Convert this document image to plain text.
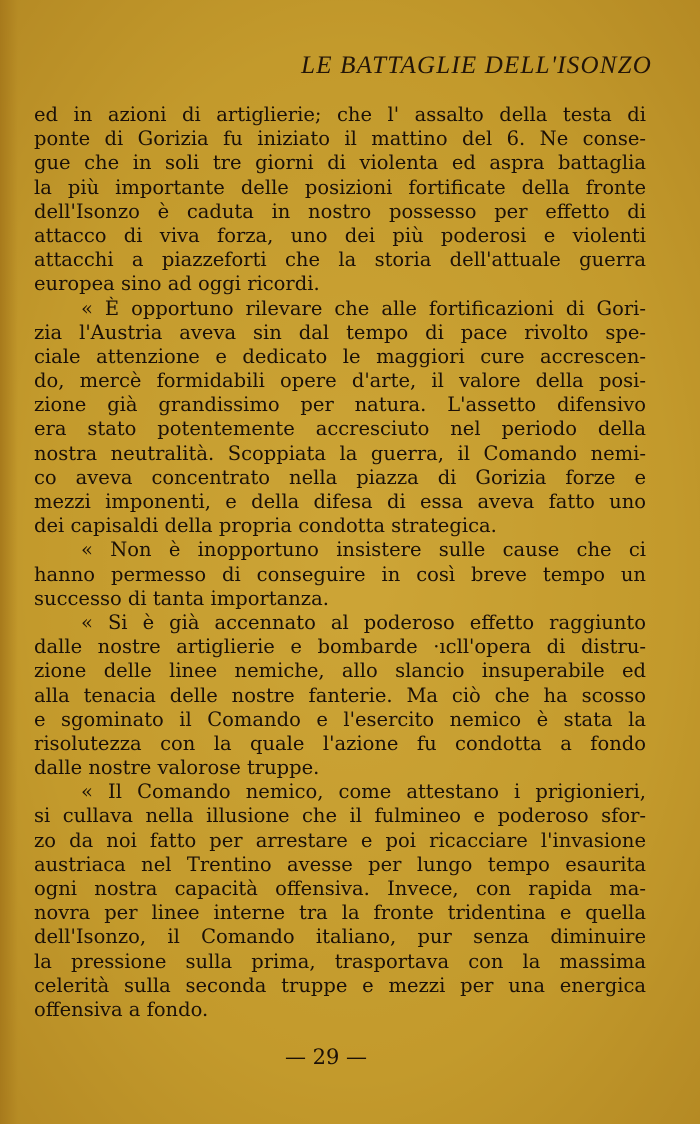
LE BATTAGLIE DELL'ISONZO
ed in azioni di artiglierie; che l' assalto della testa di
ponte di Gorizia fu iniziato il mattino del 6. Ne conse-
gue che in soli tre giorni di violenta ed aspra battaglia
la più importante delle posizioni fortificate della fronte
dell'Isonzo è caduta in nostro possesso per effetto di
attacco di viva forza, uno dei più poderosi e violenti
attacchi a piazzeforti che la storia dell'attuale guerra
europea sino ad oggi ricordi.
« È opportuno rilevare che alle fortificazioni di Gori-
zia l'Austria aveva sin dal tempo di pace rivolto spe-
ciale attenzione e dedicato le maggiori cure accrescen-
do, mercè formidabili opere d'arte, il valore della posi-
zione già grandissimo per natura. L'assetto difensivo
era stato potentemente accresciuto nel periodo della
nostra neutralità. Scoppiata la guerra, il Comando nemi-
co aveva concentrato nella piazza di Gorizia forze e
mezzi imponenti, e della difesa di essa aveva fatto uno
dei capisaldi della propria condotta strategica.
« Non è inopportuno insistere sulle cause che ci
hanno permesso di conseguire in così breve tempo un
successo di tanta importanza.
« Si è già accennato al poderoso effetto raggiunto
dalle nostre artiglierie e bombarde ·ıcll'opera di distru-
zione delle linee nemiche, allo slancio insuperabile ed
alla tenacia delle nostre fanterie. Ma ciò che ha scosso
e sgominato il Comando e l'esercito nemico è stata la
risolutezza con la quale l'azione fu condotta a fondo
dalle nostre valorose truppe.
« Il Comando nemico, come attestano i prigionieri,
si cullava nella illusione che il fulmineo e poderoso sfor-
zo da noi fatto per arrestare e poi ricacciare l'invasione
austriaca nel Trentino avesse per lungo tempo esaurita
ogni nostra capacità offensiva. Invece, con rapida ma-
novra per linee interne tra la fronte tridentina e quella
dell'Isonzo, il Comando italiano, pur senza diminuire
la pressione sulla prima, trasportava con la massima
celerità sulla seconda truppe e mezzi per una energica
offensiva a fondo.
— 29 —
